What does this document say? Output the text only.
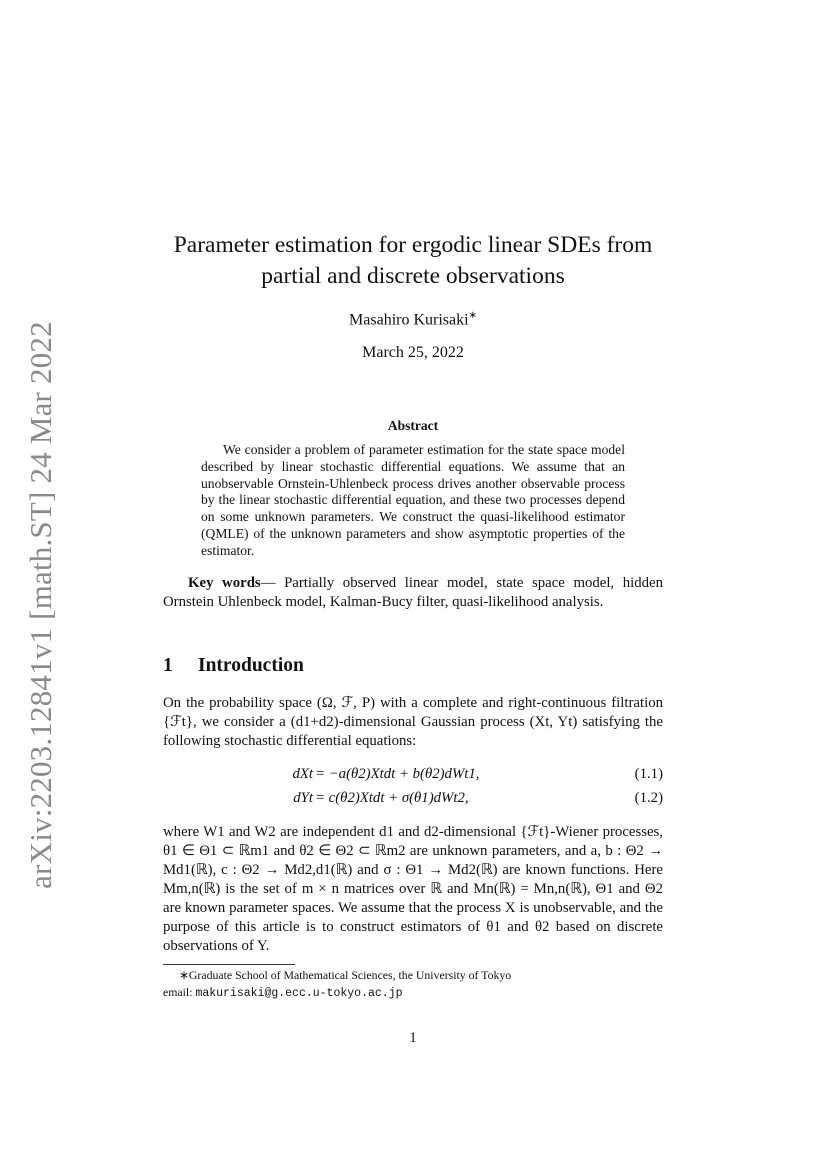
arXiv:2203.12841v1 [math.ST] 24 Mar 2022
Parameter estimation for ergodic linear SDEs from
partial and discrete observations
Masahiro Kurisaki∗
March 25, 2022
Abstract

We consider a problem of parameter estimation for the state space model described by linear stochastic differential equations. We assume that an unobservable Ornstein-Uhlenbeck process drives another observable process by the linear stochastic differential equation, and these two processes depend on some unknown parameters. We construct the quasi-likelihood estimator (QMLE) of the unknown parameters and show asymptotic properties of the estimator.

Key words— Partially observed linear model, state space model, hidden Ornstein Uhlenbeck model, Kalman-Bucy filter, quasi-likelihood analysis.

1 Introduction

On the probability space (Ω, ℱ, P) with a complete and right-continuous filtration {ℱt}, we consider a (d1+d2)-dimensional Gaussian process (Xt, Yt) satisfying the following stochastic differential equations:

dXt = −a(θ2)Xtdt + b(θ2)dWt1,	(1.1)
dYt = c(θ2)Xtdt + σ(θ1)dWt2,	(1.2)

where W1 and W2 are independent d1 and d2-dimensional {ℱt}-Wiener processes, θ1 ∈ Θ1 ⊂ ℝm1 and θ2 ∈ Θ2 ⊂ ℝm2 are unknown parameters, and a, b : Θ2 → Md1(ℝ), c : Θ2 → Md2,d1(ℝ) and σ : Θ1 → Md2(ℝ) are known functions. Here Mm,n(ℝ) is the set of m × n matrices over ℝ and Mn(ℝ) = Mn,n(ℝ), Θ1 and Θ2 are known parameter spaces. We assume that the process X is unobservable, and the purpose of this article is to construct estimators of θ1 and θ2 based on discrete observations of Y.

∗Graduate School of Mathematical Sciences, the University of Tokyo
email: makurisaki@g.ecc.u-tokyo.ac.jp
1
